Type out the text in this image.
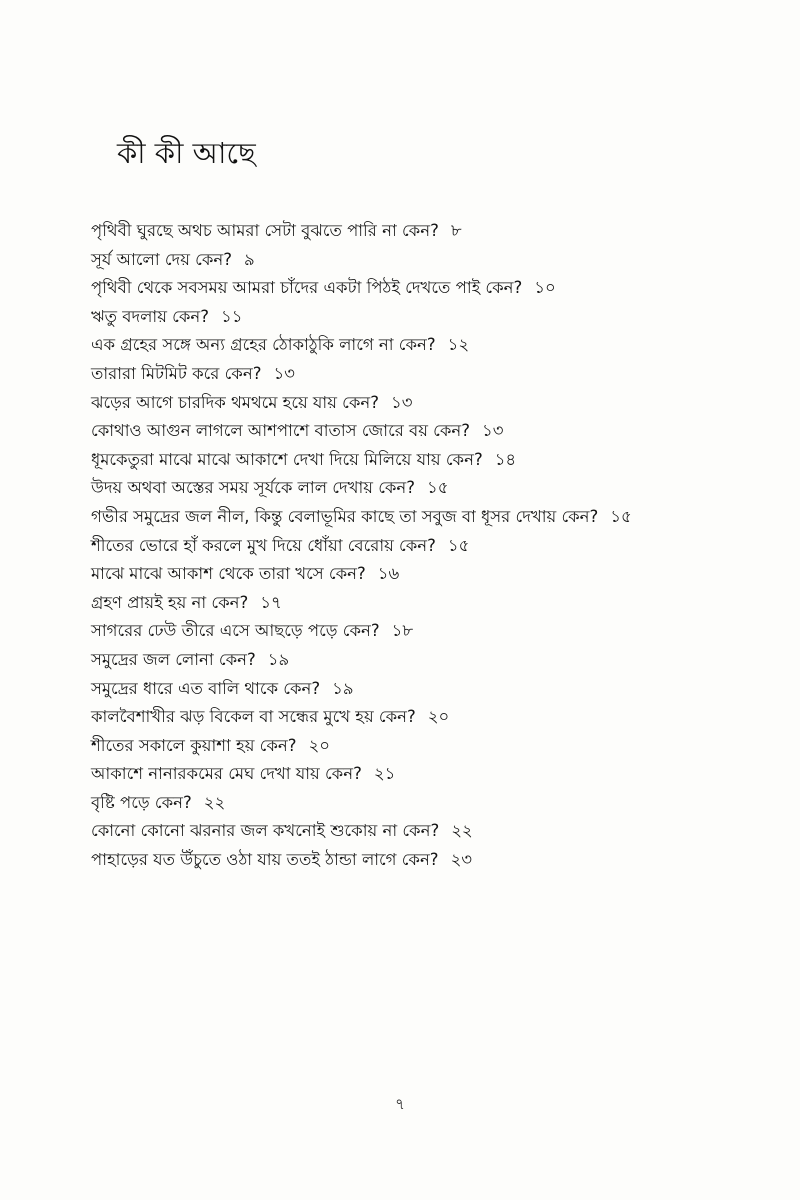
কী কী আছে
পৃথিবী ঘুরছে অথচ আমরা সেটা বুঝতে পারি না কেন? ৮
সূর্য আলো দেয় কেন? ৯
পৃথিবী থেকে সবসময় আমরা চাঁদের একটা পিঠই দেখতে পাই কেন? ১০
ঋতু বদলায় কেন? ১১
এক গ্রহের সঙ্গে অন্য গ্রহের ঠোকাঠুকি লাগে না কেন? ১২
তারারা মিটমিট করে কেন? ১৩
ঝড়ের আগে চারদিক থমথমে হয়ে যায় কেন? ১৩
কোথাও আগুন লাগলে আশপাশে বাতাস জোরে বয় কেন? ১৩
ধূমকেতুরা মাঝে মাঝে আকাশে দেখা দিয়ে মিলিয়ে যায় কেন? ১৪
উদয় অথবা অস্তের সময় সূর্যকে লাল দেখায় কেন? ১৫
গভীর সমুদ্রের জল নীল, কিন্তু বেলাভূমির কাছে তা সবুজ বা ধূসর দেখায় কেন? ১৫
শীতের ভোরে হাঁ করলে মুখ দিয়ে ধোঁয়া বেরোয় কেন? ১৫
মাঝে মাঝে আকাশ থেকে তারা খসে কেন? ১৬
গ্রহণ প্রায়ই হয় না কেন? ১৭
সাগরের ঢেউ তীরে এসে আছড়ে পড়ে কেন? ১৮
সমুদ্রের জল লোনা কেন? ১৯
সমুদ্রের ধারে এত বালি থাকে কেন? ১৯
কালবৈশাখীর ঝড় বিকেল বা সন্ধের মুখে হয় কেন? ২০
শীতের সকালে কুয়াশা হয় কেন? ২০
আকাশে নানারকমের মেঘ দেখা যায় কেন? ২১
বৃষ্টি পড়ে কেন? ২২
কোনো কোনো ঝরনার জল কখনোই শুকোয় না কেন? ২২
পাহাড়ের যত উঁচুতে ওঠা যায় ততই ঠান্ডা লাগে কেন? ২৩
৭
